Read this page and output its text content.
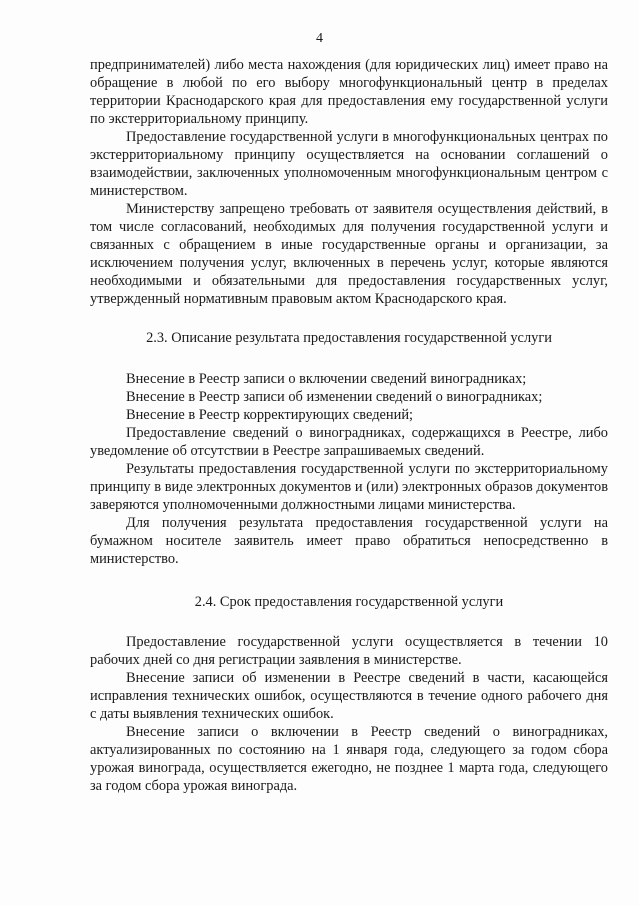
4

предпринимателей) либо места нахождения (для юридических лиц) имеет право на обращение в любой по его выбору многофункциональный центр в пределах территории Краснодарского края для предоставления ему государственной услуги по экстерриториальному принципу.

Предоставление государственной услуги в многофункциональных центрах по экстерриториальному принципу осуществляется на основании соглашений о взаимодействии, заключенных уполномоченным многофункциональным центром с министерством.

Министерству запрещено требовать от заявителя осуществления действий, в том числе согласований, необходимых для получения государственной услуги и связанных с обращением в иные государственные органы и организации, за исключением получения услуг, включенных в перечень услуг, которые являются необходимыми и обязательными для предоставления государственных услуг, утвержденный нормативным правовым актом Краснодарского края.

2.3. Описание результата предоставления государственной услуги

Внесение в Реестр записи о включении сведений виноградниках;

Внесение в Реестр записи об изменении сведений о виноградниках;

Внесение в Реестр корректирующих сведений;

Предоставление сведений о виноградниках, содержащихся в Реестре, либо уведомление об отсутствии в Реестре запрашиваемых сведений.

Результаты предоставления государственной услуги по экстерриториальному принципу в виде электронных документов и (или) электронных образов документов заверяются уполномоченными должностными лицами министерства.

Для получения результата предоставления государственной услуги на бумажном носителе заявитель имеет право обратиться непосредственно в министерство.

2.4. Срок предоставления государственной услуги

Предоставление государственной услуги осуществляется в течении 10 рабочих дней со дня регистрации заявления в министерстве.

Внесение записи об изменении в Реестре сведений в части, касающейся исправления технических ошибок, осуществляются в течение одного рабочего дня с даты выявления технических ошибок.

Внесение записи о включении в Реестр сведений о виноградниках, актуализированных по состоянию на 1 января года, следующего за годом сбора урожая винограда, осуществляется ежегодно, не позднее 1 марта года, следующего за годом сбора урожая винограда.
